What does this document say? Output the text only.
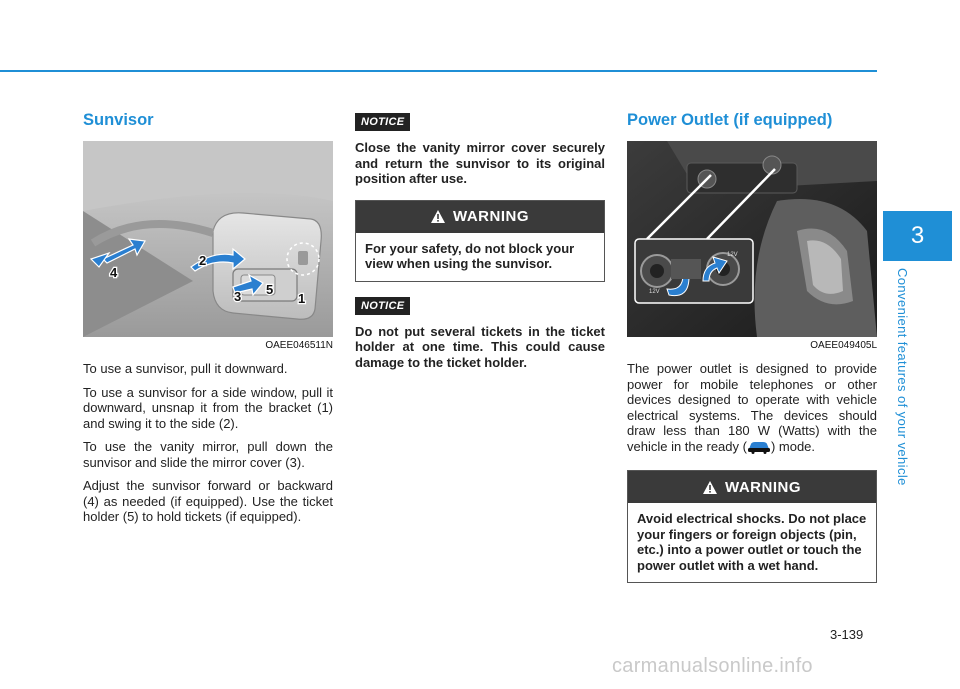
3
Convenient features of your vehicle
Sunvisor
1
2
3
4
5
OAEE046511N

To use a sunvisor, pull it downward.

To use a sunvisor for a side window, pull it downward, unsnap it from the bracket (1) and swing it to the side (2).

To use the vanity mirror, pull down the sunvisor and slide the mirror cover (3).

Adjust the sunvisor forward or backward (4) as needed (if equipped). Use the ticket holder (5) to hold tickets (if equipped).

NOTICE

Close the vanity mirror cover securely and return the sunvisor to its original position after use.

WARNING
For your safety, do not block your view when using the sunvisor.
NOTICE

Do not put several tickets in the ticket holder at one time. This could cause damage to the ticket holder.

Power Outlet (if equipped)
12V
12V
OAEE049405L

The power outlet is designed to provide power for mobile telephones or other devices designed to operate with vehicle electrical systems. The devices should draw less than 180 W (Watts) with the vehicle in the ready ( ) mode.

WARNING
Avoid electrical shocks. Do not place your fingers or foreign objects (pin, etc.) into a power outlet or touch the power outlet with a wet hand.
3-139
carmanualsonline.info
